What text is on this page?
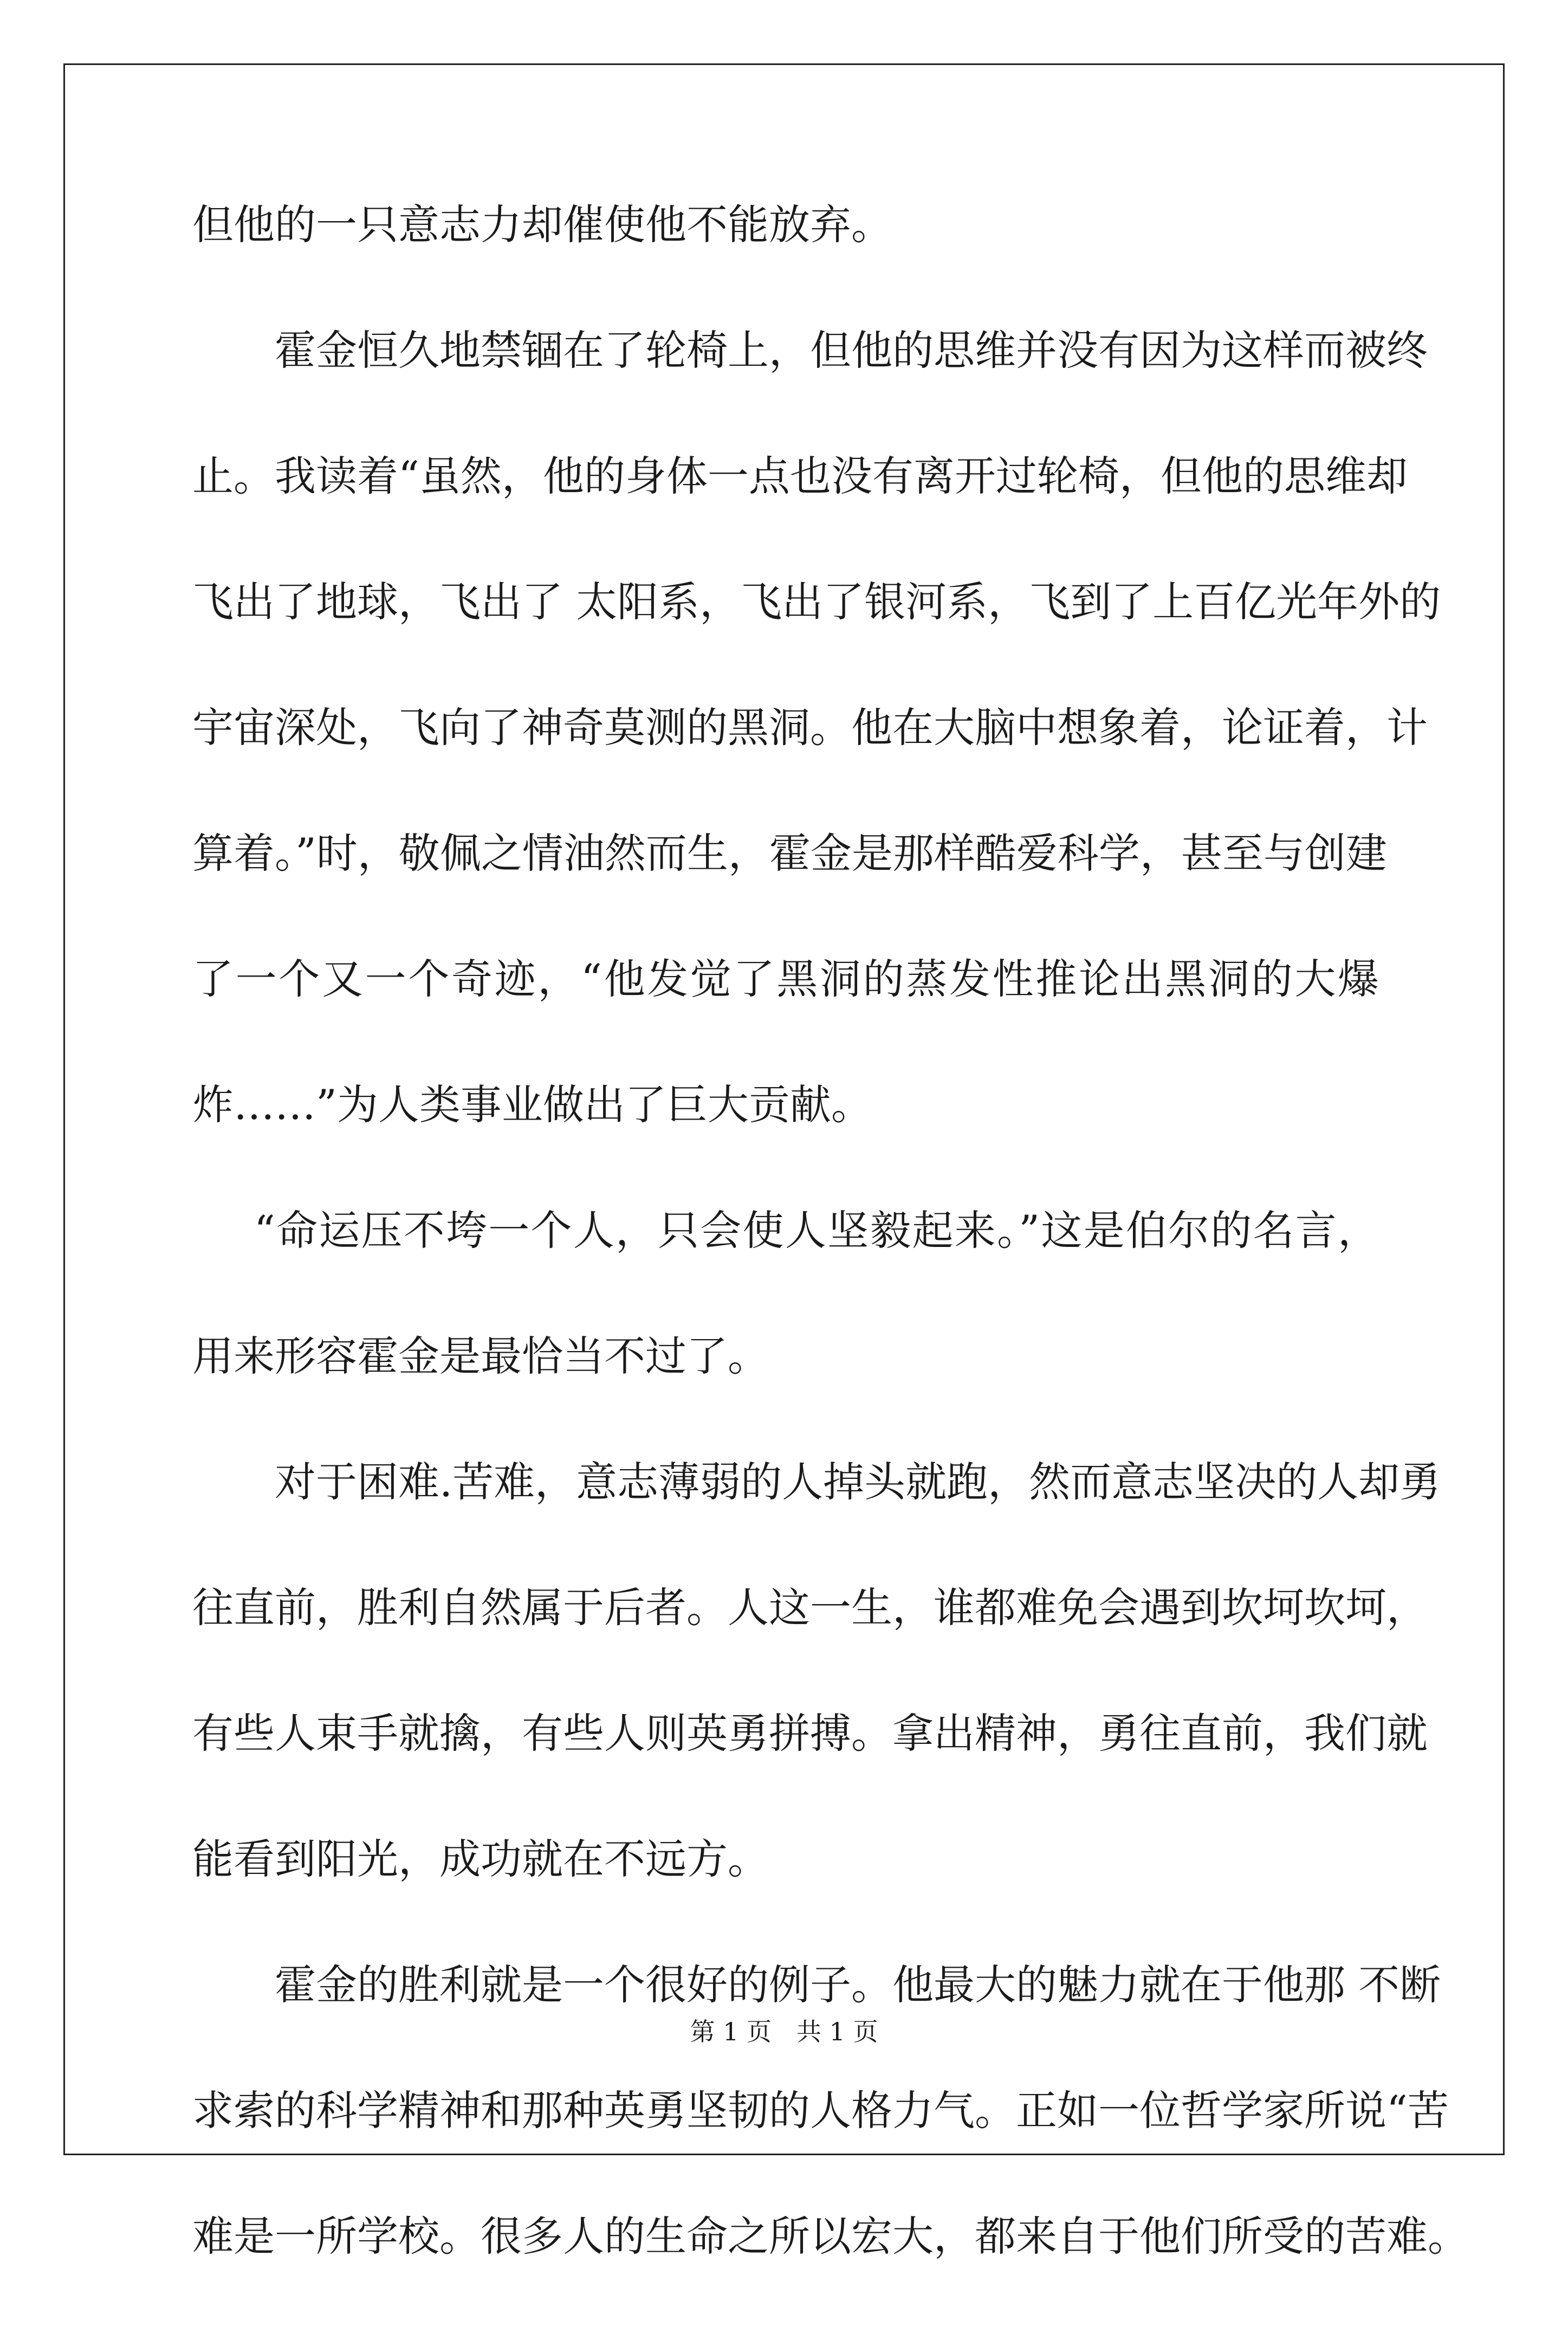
但他的一只意志力却催使他不能放弃。
霍金恒久地禁锢在了轮椅上，但他的思维并没有因为这样而被终
止。我读着“虽然，他的身体一点也没有离开过轮椅，但他的思维却
飞出了地球，飞出了 太阳系，飞出了银河系，飞到了上百亿光年外的
宇宙深处，飞向了神奇莫测的黑洞。他在大脑中想象着，论证着，计
算着。”时，敬佩之情油然而生，霍金是那样酷爱科学，甚至与创建
了一个又一个奇迹，“他发觉了黑洞的蒸发性推论出黑洞的大爆
炸……”为人类事业做出了巨大贡献。
“命运压不垮一个人，只会使人坚毅起来。”这是伯尔的名言，
用来形容霍金是最恰当不过了。
对于困难.苦难，意志薄弱的人掉头就跑，然而意志坚决的人却勇
往直前，胜利自然属于后者。人这一生，谁都难免会遇到坎坷坎坷，
有些人束手就擒，有些人则英勇拼搏。拿出精神，勇往直前，我们就
能看到阳光，成功就在不远方。
霍金的胜利就是一个很好的例子。他最大的魅力就在于他那 不断
求索的科学精神和那种英勇坚韧的人格力气。正如一位哲学家所说“苦
难是一所学校。很多人的生命之所以宏大，都来自于他们所受的苦难。
第 1 页　共 1 页
